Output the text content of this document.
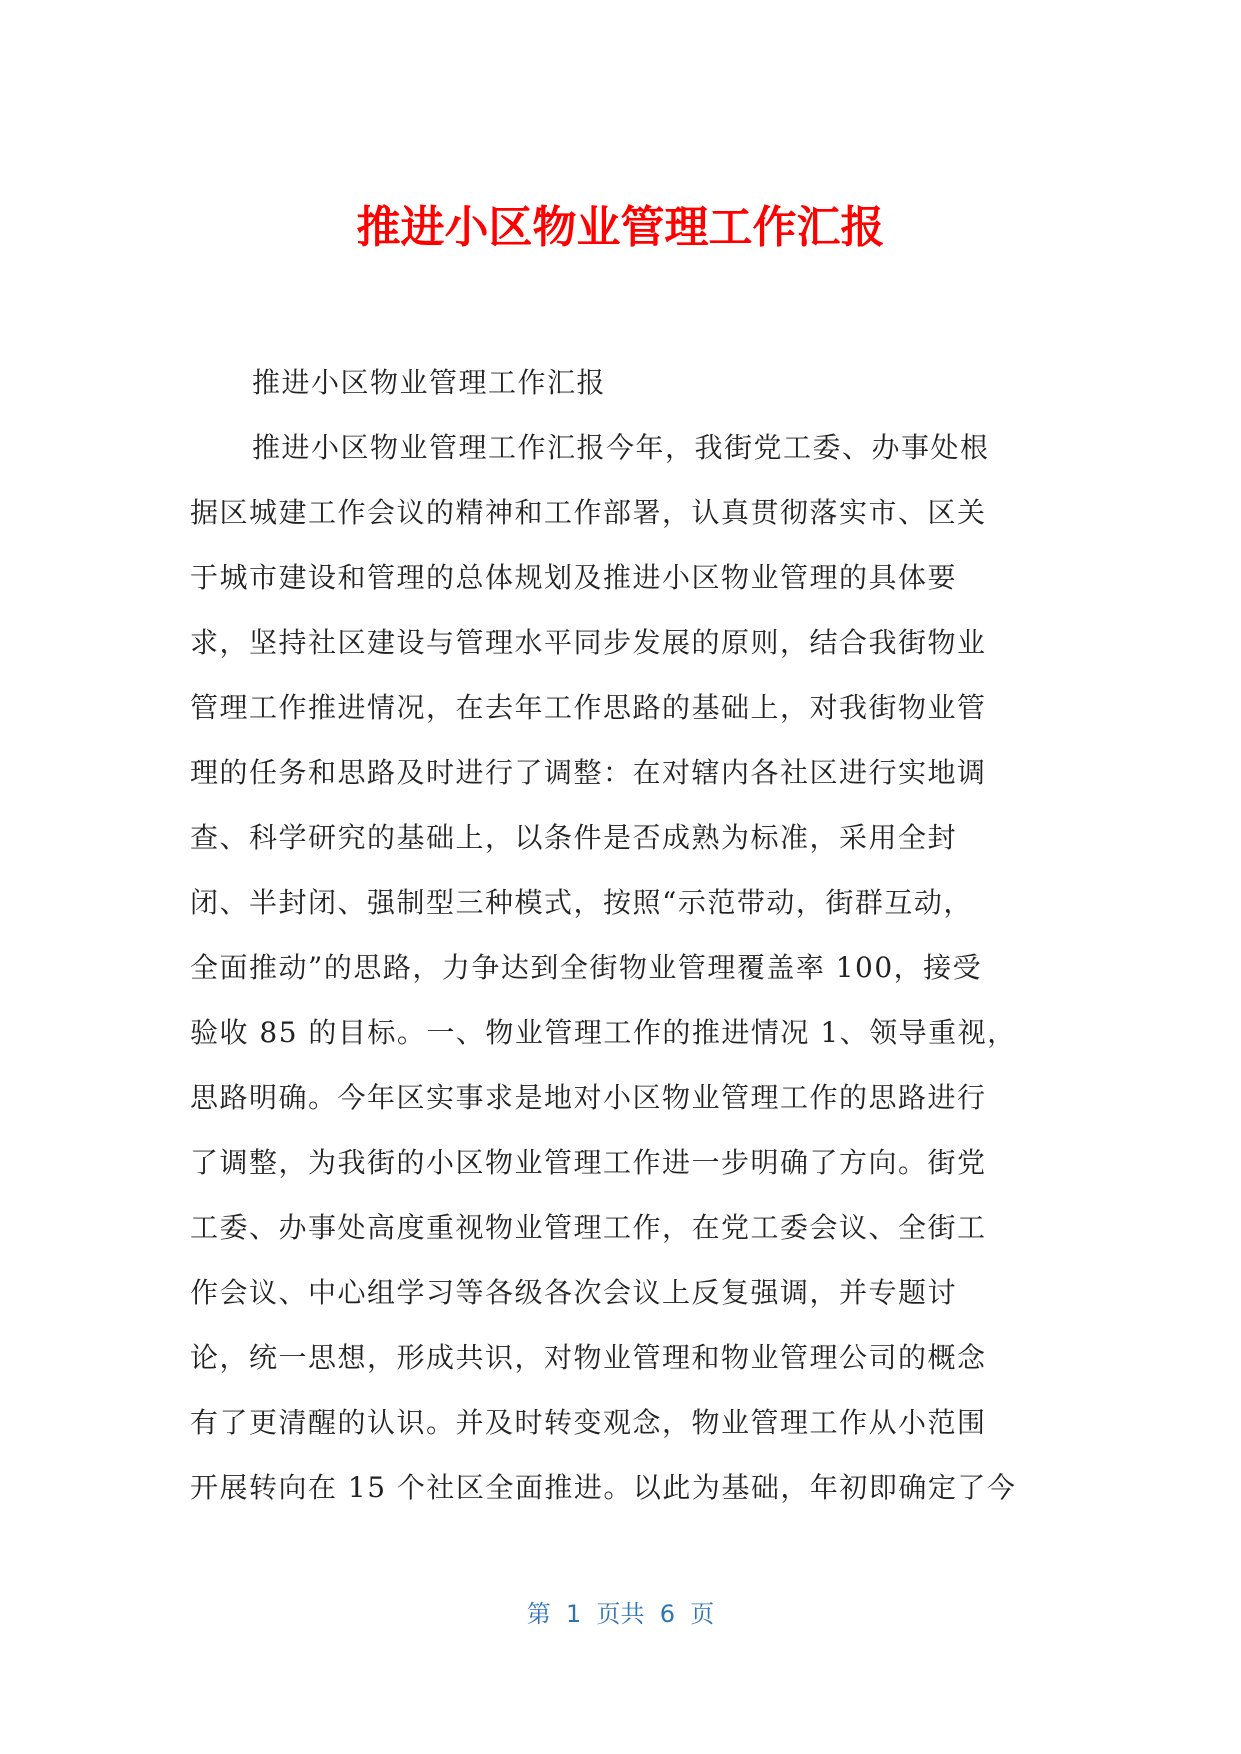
推进小区物业管理工作汇报
推进小区物业管理工作汇报
推进小区物业管理工作汇报今年，我街党工委、办事处根
据区城建工作会议的精神和工作部署，认真贯彻落实市、区关
于城市建设和管理的总体规划及推进小区物业管理的具体要
求，坚持社区建设与管理水平同步发展的原则，结合我街物业
管理工作推进情况，在去年工作思路的基础上，对我街物业管
理的任务和思路及时进行了调整：在对辖内各社区进行实地调
查、科学研究的基础上，以条件是否成熟为标准，采用全封
闭、半封闭、强制型三种模式，按照“示范带动，街群互动，
全面推动”的思路，力争达到全街物业管理覆盖率 100，接受
验收 85 的目标。一、物业管理工作的推进情况 1、领导重视，
思路明确。今年区实事求是地对小区物业管理工作的思路进行
了调整，为我街的小区物业管理工作进一步明确了方向。街党
工委、办事处高度重视物业管理工作，在党工委会议、全街工
作会议、中心组学习等各级各次会议上反复强调，并专题讨
论，统一思想，形成共识，对物业管理和物业管理公司的概念
有了更清醒的认识。并及时转变观念，物业管理工作从小范围
开展转向在 15 个社区全面推进。以此为基础，年初即确定了今
第  1  页共  6  页
